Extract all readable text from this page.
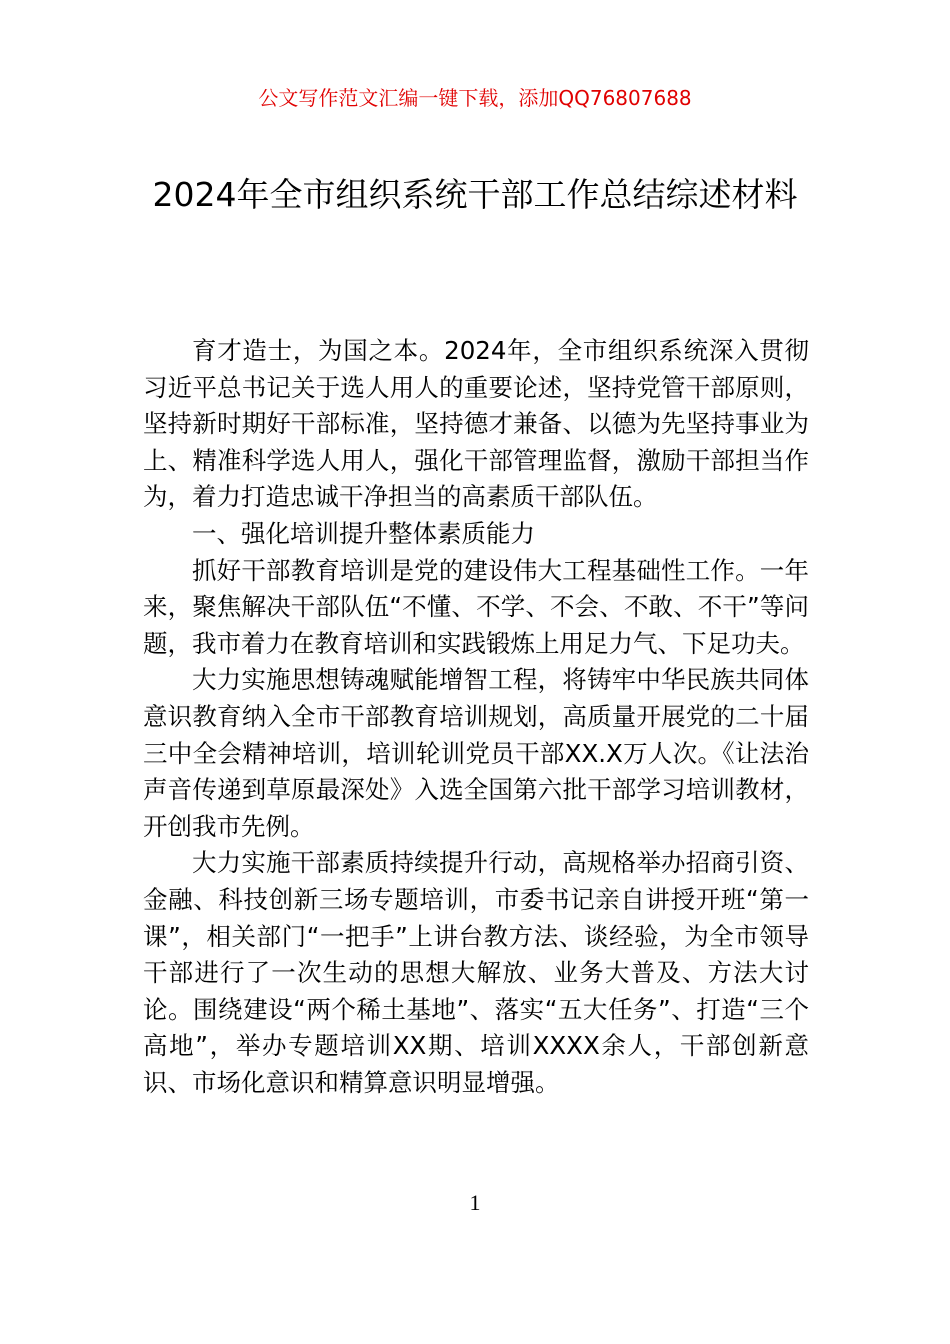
公文写作范文汇编一键下载，添加QQ76807688
2024年全市组织系统干部工作总结综述材料

育才造士，为国之本。2024年，全市组织系统深入贯彻习近平总书记关于选人用人的重要论述，坚持党管干部原则，坚持新时期好干部标准，坚持德才兼备、以德为先坚持事业为上、精准科学选人用人，强化干部管理监督，激励干部担当作为，着力打造忠诚干净担当的高素质干部队伍。

一、强化培训提升整体素质能力

抓好干部教育培训是党的建设伟大工程基础性工作。一年来，聚焦解决干部队伍“不懂、不学、不会、不敢、不干”等问题，我市着力在教育培训和实践锻炼上用足力气、下足功夫。

大力实施思想铸魂赋能增智工程，将铸牢中华民族共同体意识教育纳入全市干部教育培训规划，高质量开展党的二十届三中全会精神培训，培训轮训党员干部XX.X万人次。《让法治声音传递到草原最深处》入选全国第六批干部学习培训教材，开创我市先例。

大力实施干部素质持续提升行动，高规格举办招商引资、金融、科技创新三场专题培训，市委书记亲自讲授开班“第一课”，相关部门“一把手”上讲台教方法、谈经验，为全市领导干部进行了一次生动的思想大解放、业务大普及、方法大讨论。围绕建设“两个稀土基地”、落实“五大任务”、打造“三个高地”，举办专题培训XX期、培训XXXX余人，干部创新意识、市场化意识和精算意识明显增强。

1
